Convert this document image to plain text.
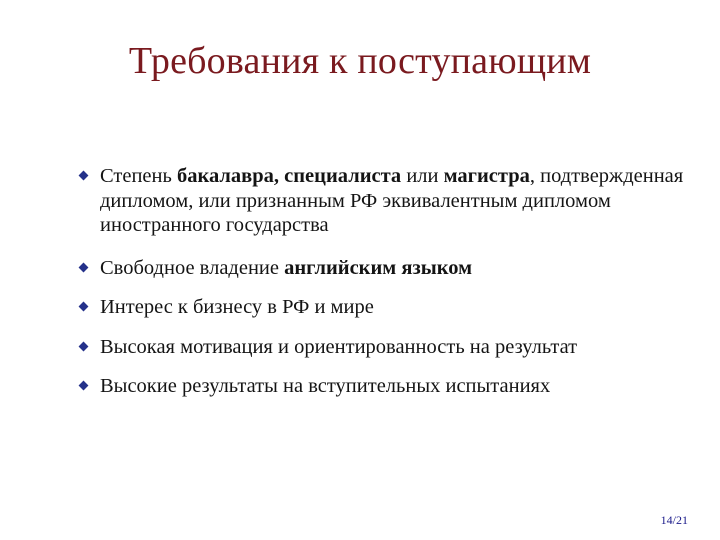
Требования к поступающим
Степень бакалавра, специалиста или магистра, подтвержденная дипломом, или признанным РФ эквивалентным дипломом иностранного государства
Свободное владение английским языком
Интерес к бизнесу в РФ и мире
Высокая мотивация и ориентированность на результат
Высокие результаты на вступительных испытаниях
14/21
